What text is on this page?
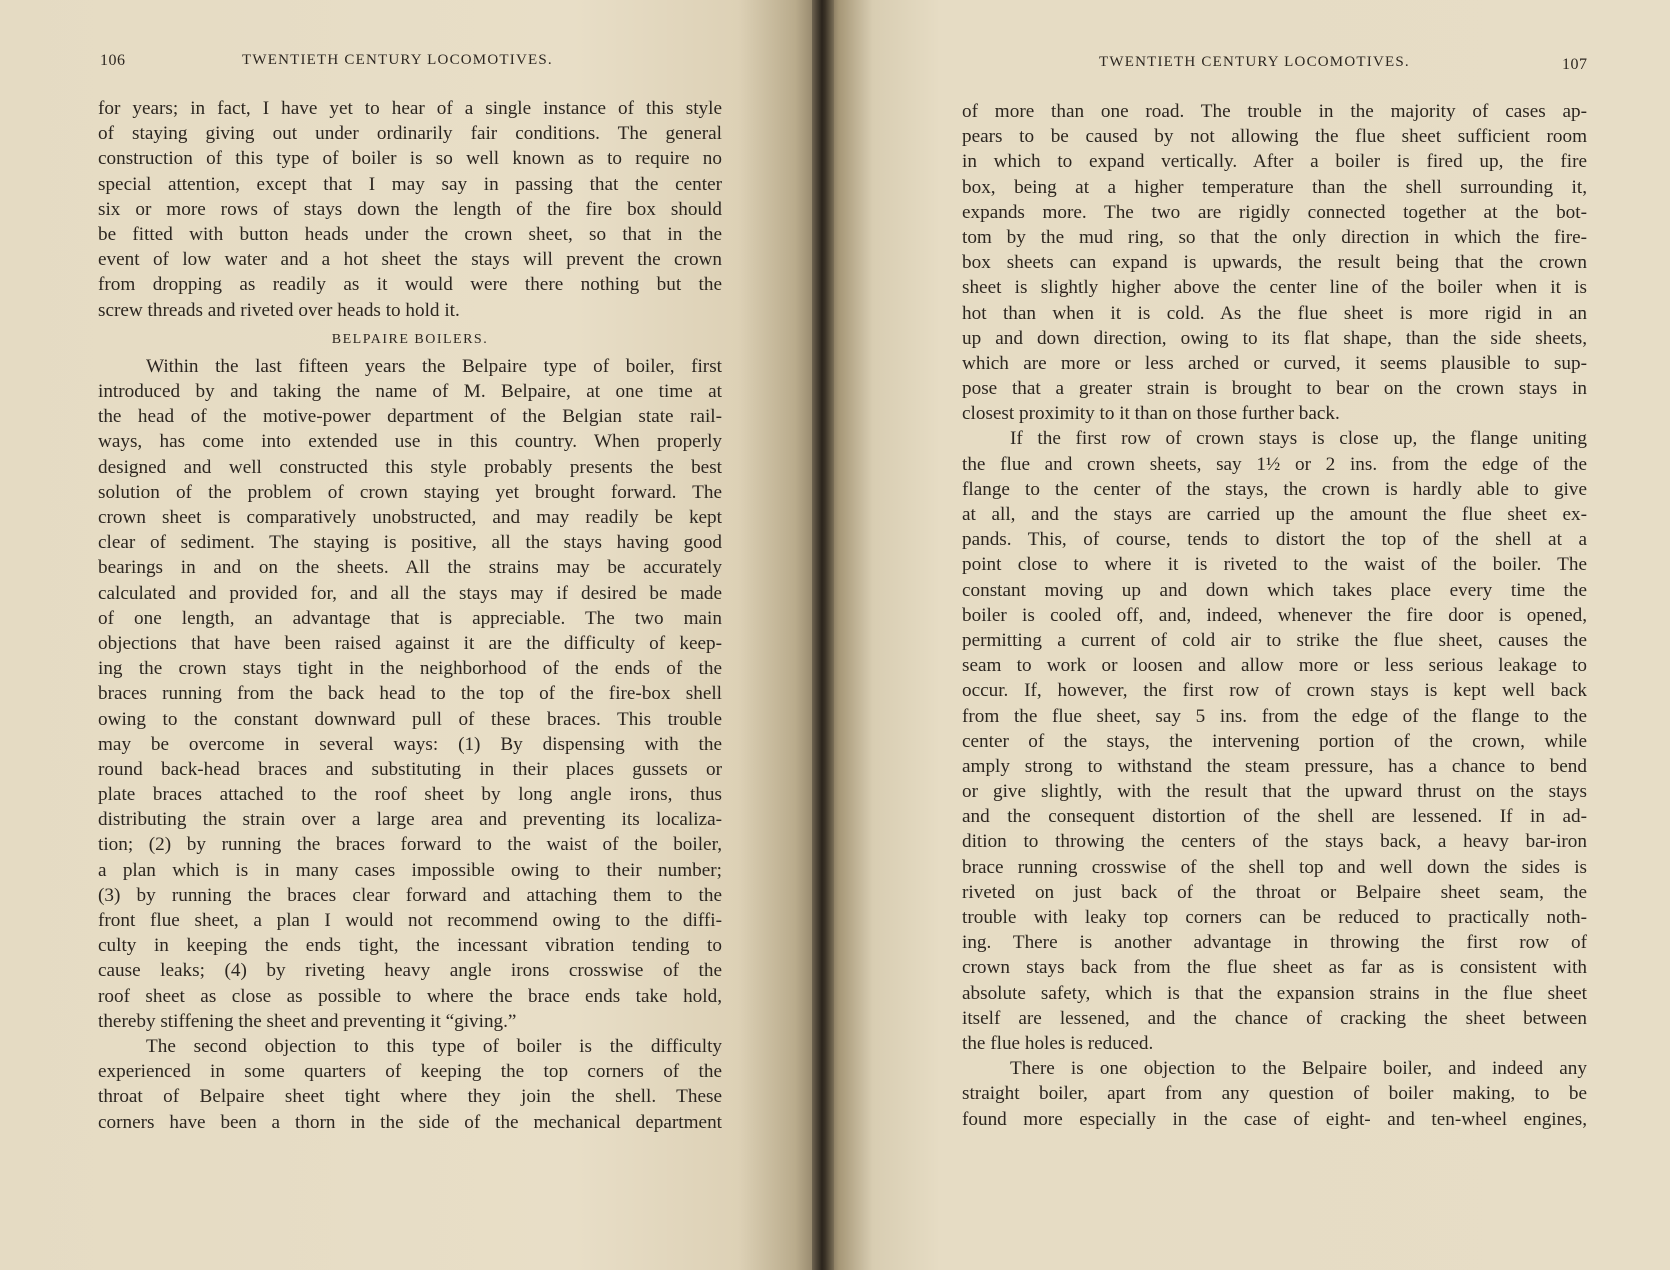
106	TWENTIETH CENTURY LOCOMOTIVES.
for years; in fact, I have yet to hear of a single instance of this style
of staying giving out under ordinarily fair conditions. The general
construction of this type of boiler is so well known as to require no
special attention, except that I may say in passing that the center
six or more rows of stays down the length of the fire box should
be fitted with button heads under the crown sheet, so that in the
event of low water and a hot sheet the stays will prevent the crown
from dropping as readily as it would were there nothing but the
screw threads and riveted over heads to hold it.
BELPAIRE BOILERS.
Within the last fifteen years the Belpaire type of boiler, first
introduced by and taking the name of M. Belpaire, at one time at
the head of the motive-power department of the Belgian state rail-
ways, has come into extended use in this country. When properly
designed and well constructed this style probably presents the best
solution of the problem of crown staying yet brought forward. The
crown sheet is comparatively unobstructed, and may readily be kept
clear of sediment. The staying is positive, all the stays having good
bearings in and on the sheets. All the strains may be accurately
calculated and provided for, and all the stays may if desired be made
of one length, an advantage that is appreciable. The two main
objections that have been raised against it are the difficulty of keep-
ing the crown stays tight in the neighborhood of the ends of the
braces running from the back head to the top of the fire-box shell
owing to the constant downward pull of these braces. This trouble
may be overcome in several ways: (1) By dispensing with the
round back-head braces and substituting in their places gussets or
plate braces attached to the roof sheet by long angle irons, thus
distributing the strain over a large area and preventing its localiza-
tion; (2) by running the braces forward to the waist of the boiler,
a plan which is in many cases impossible owing to their number;
(3) by running the braces clear forward and attaching them to the
front flue sheet, a plan I would not recommend owing to the diffi-
culty in keeping the ends tight, the incessant vibration tending to
cause leaks; (4) by riveting heavy angle irons crosswise of the
roof sheet as close as possible to where the brace ends take hold,
thereby stiffening the sheet and preventing it “giving.”
The second objection to this type of boiler is the difficulty
experienced in some quarters of keeping the top corners of the
throat of Belpaire sheet tight where they join the shell. These
corners have been a thorn in the side of the mechanical department
TWENTIETH CENTURY LOCOMOTIVES.	107
of more than one road. The trouble in the majority of cases ap-
pears to be caused by not allowing the flue sheet sufficient room
in which to expand vertically. After a boiler is fired up, the fire
box, being at a higher temperature than the shell surrounding it,
expands more. The two are rigidly connected together at the bot-
tom by the mud ring, so that the only direction in which the fire-
box sheets can expand is upwards, the result being that the crown
sheet is slightly higher above the center line of the boiler when it is
hot than when it is cold. As the flue sheet is more rigid in an
up and down direction, owing to its flat shape, than the side sheets,
which are more or less arched or curved, it seems plausible to sup-
pose that a greater strain is brought to bear on the crown stays in
closest proximity to it than on those further back.
If the first row of crown stays is close up, the flange uniting
the flue and crown sheets, say 1½ or 2 ins. from the edge of the
flange to the center of the stays, the crown is hardly able to give
at all, and the stays are carried up the amount the flue sheet ex-
pands. This, of course, tends to distort the top of the shell at a
point close to where it is riveted to the waist of the boiler. The
constant moving up and down which takes place every time the
boiler is cooled off, and, indeed, whenever the fire door is opened,
permitting a current of cold air to strike the flue sheet, causes the
seam to work or loosen and allow more or less serious leakage to
occur. If, however, the first row of crown stays is kept well back
from the flue sheet, say 5 ins. from the edge of the flange to the
center of the stays, the intervening portion of the crown, while
amply strong to withstand the steam pressure, has a chance to bend
or give slightly, with the result that the upward thrust on the stays
and the consequent distortion of the shell are lessened. If in ad-
dition to throwing the centers of the stays back, a heavy bar-iron
brace running crosswise of the shell top and well down the sides is
riveted on just back of the throat or Belpaire sheet seam, the
trouble with leaky top corners can be reduced to practically noth-
ing. There is another advantage in throwing the first row of
crown stays back from the flue sheet as far as is consistent with
absolute safety, which is that the expansion strains in the flue sheet
itself are lessened, and the chance of cracking the sheet between
the flue holes is reduced.
There is one objection to the Belpaire boiler, and indeed any
straight boiler, apart from any question of boiler making, to be
found more especially in the case of eight- and ten-wheel engines,
